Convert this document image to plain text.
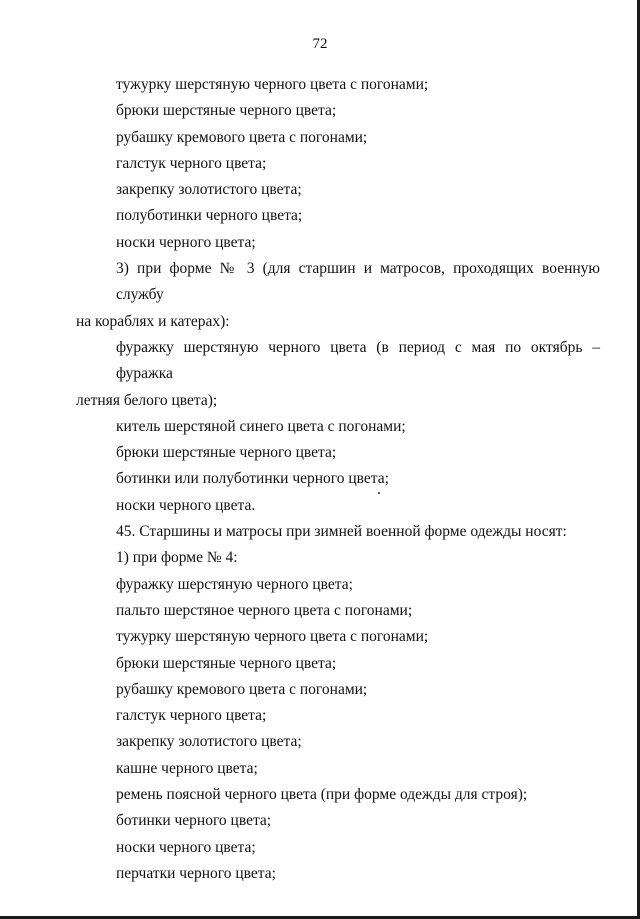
72
тужурку шерстяную черного цвета с погонами;
брюки шерстяные черного цвета;
рубашку кремового цвета с погонами;
галстук черного цвета;
закрепку золотистого цвета;
полуботинки черного цвета;
носки черного цвета;
3) при форме № 3 (для старшин и матросов, проходящих военную службу
на кораблях и катерах):
фуражку шерстяную черного цвета (в период с мая по октябрь – фуражка
летняя белого цвета);
китель шерстяной синего цвета с погонами;
брюки шерстяные черного цвета;
ботинки или полуботинки черного цвета;
носки черного цвета.
45. Старшины и матросы при зимней военной форме одежды носят:
1) при форме № 4:
фуражку шерстяную черного цвета;
пальто шерстяное черного цвета с погонами;
тужурку шерстяную черного цвета с погонами;
брюки шерстяные черного цвета;
рубашку кремового цвета с погонами;
галстук черного цвета;
закрепку золотистого цвета;
кашне черного цвета;
ремень поясной черного цвета (при форме одежды для строя);
ботинки черного цвета;
носки черного цвета;
перчатки черного цвета;
